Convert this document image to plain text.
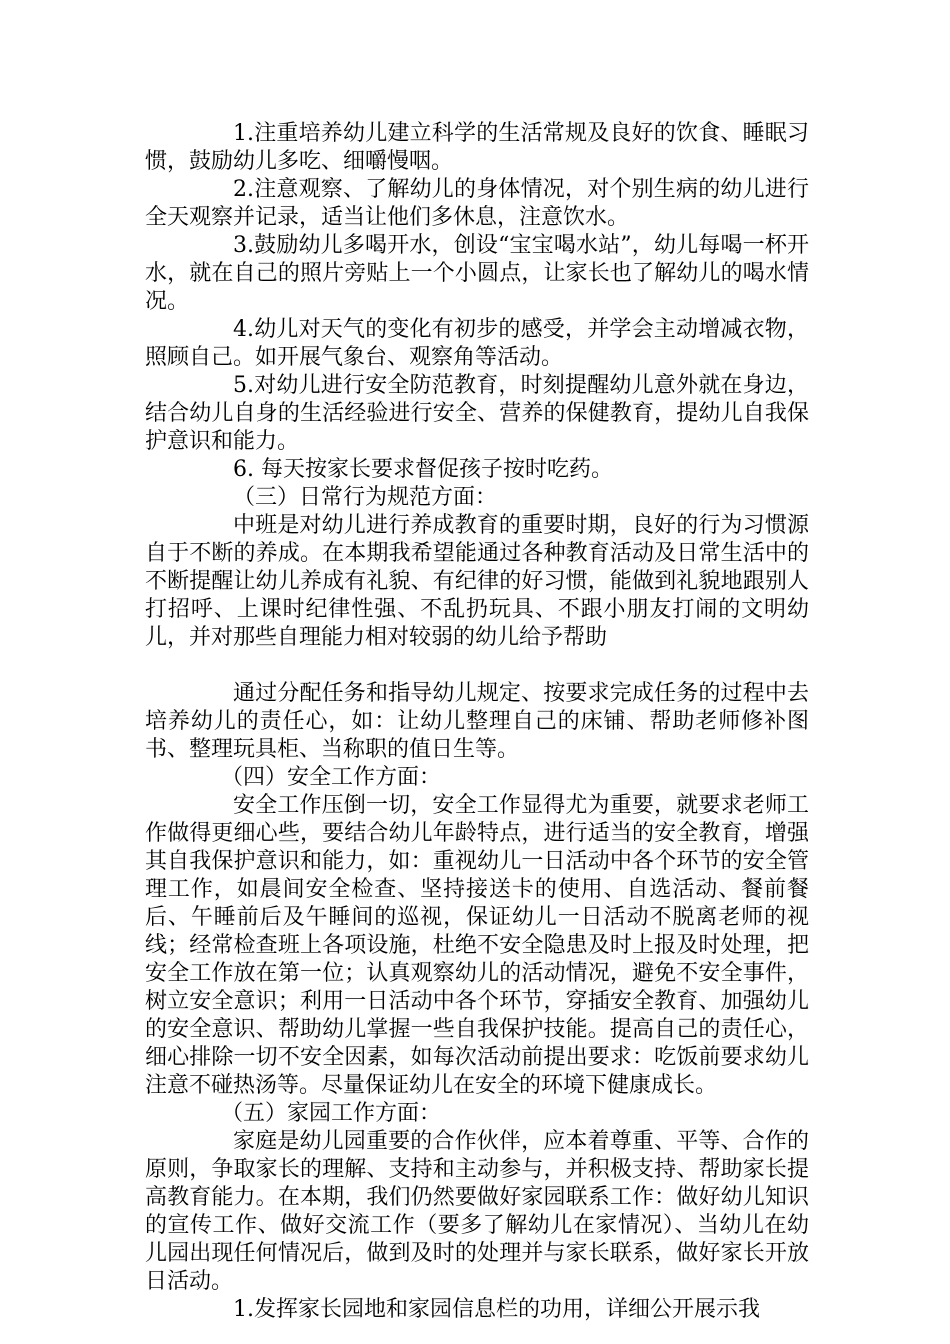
1.注重培养幼儿建立科学的生活常规及良好的饮食、睡眠习惯，鼓励幼儿多吃、细嚼慢咽。

2.注意观察、了解幼儿的身体情况，对个别生病的幼儿进行全天观察并记录，适当让他们多休息，注意饮水。

3.鼓励幼儿多喝开水，创设“宝宝喝水站”，幼儿每喝一杯开水，就在自己的照片旁贴上一个小圆点，让家长也了解幼儿的喝水情况。

4.幼儿对天气的变化有初步的感受，并学会主动增减衣物，照顾自己。如开展气象台、观察角等活动。

5.对幼儿进行安全防范教育，时刻提醒幼儿意外就在身边，结合幼儿自身的生活经验进行安全、营养的保健教育，提幼儿自我保护意识和能力。

6. 每天按家长要求督促孩子按时吃药。

（三）日常行为规范方面：

中班是对幼儿进行养成教育的重要时期，良好的行为习惯源自于不断的养成。在本期我希望能通过各种教育活动及日常生活中的不断提醒让幼儿养成有礼貌、有纪律的好习惯，能做到礼貌地跟别人打招呼、上课时纪律性强、不乱扔玩具、不跟小朋友打闹的文明幼儿，并对那些自理能力相对较弱的幼儿给予帮助

通过分配任务和指导幼儿规定、按要求完成任务的过程中去培养幼儿的责任心，如：让幼儿整理自己的床铺、帮助老师修补图书、整理玩具柜、当称职的值日生等。

（四）安全工作方面：

安全工作压倒一切，安全工作显得尤为重要，就要求老师工作做得更细心些，要结合幼儿年龄特点，进行适当的安全教育，增强其自我保护意识和能力，如：重视幼儿一日活动中各个环节的安全管理工作，如晨间安全检查、坚持接送卡的使用、自选活动、餐前餐后、午睡前后及午睡间的巡视，保证幼儿一日活动不脱离老师的视线；经常检查班上各项设施，杜绝不安全隐患及时上报及时处理，把安全工作放在第一位；认真观察幼儿的活动情况，避免不安全事件，树立安全意识；利用一日活动中各个环节，穿插安全教育、加强幼儿的安全意识、帮助幼儿掌握一些自我保护技能。提高自己的责任心，细心排除一切不安全因素，如每次活动前提出要求：吃饭前要求幼儿注意不碰热汤等。尽量保证幼儿在安全的环境下健康成长。

（五）家园工作方面：

家庭是幼儿园重要的合作伙伴，应本着尊重、平等、合作的原则，争取家长的理解、支持和主动参与，并积极支持、帮助家长提高教育能力。在本期，我们仍然要做好家园联系工作：做好幼儿知识的宣传工作、做好交流工作（要多了解幼儿在家情况）、当幼儿在幼儿园出现任何情况后，做到及时的处理并与家长联系，做好家长开放日活动。

1.发挥家长园地和家园信息栏的功用，详细公开展示我
